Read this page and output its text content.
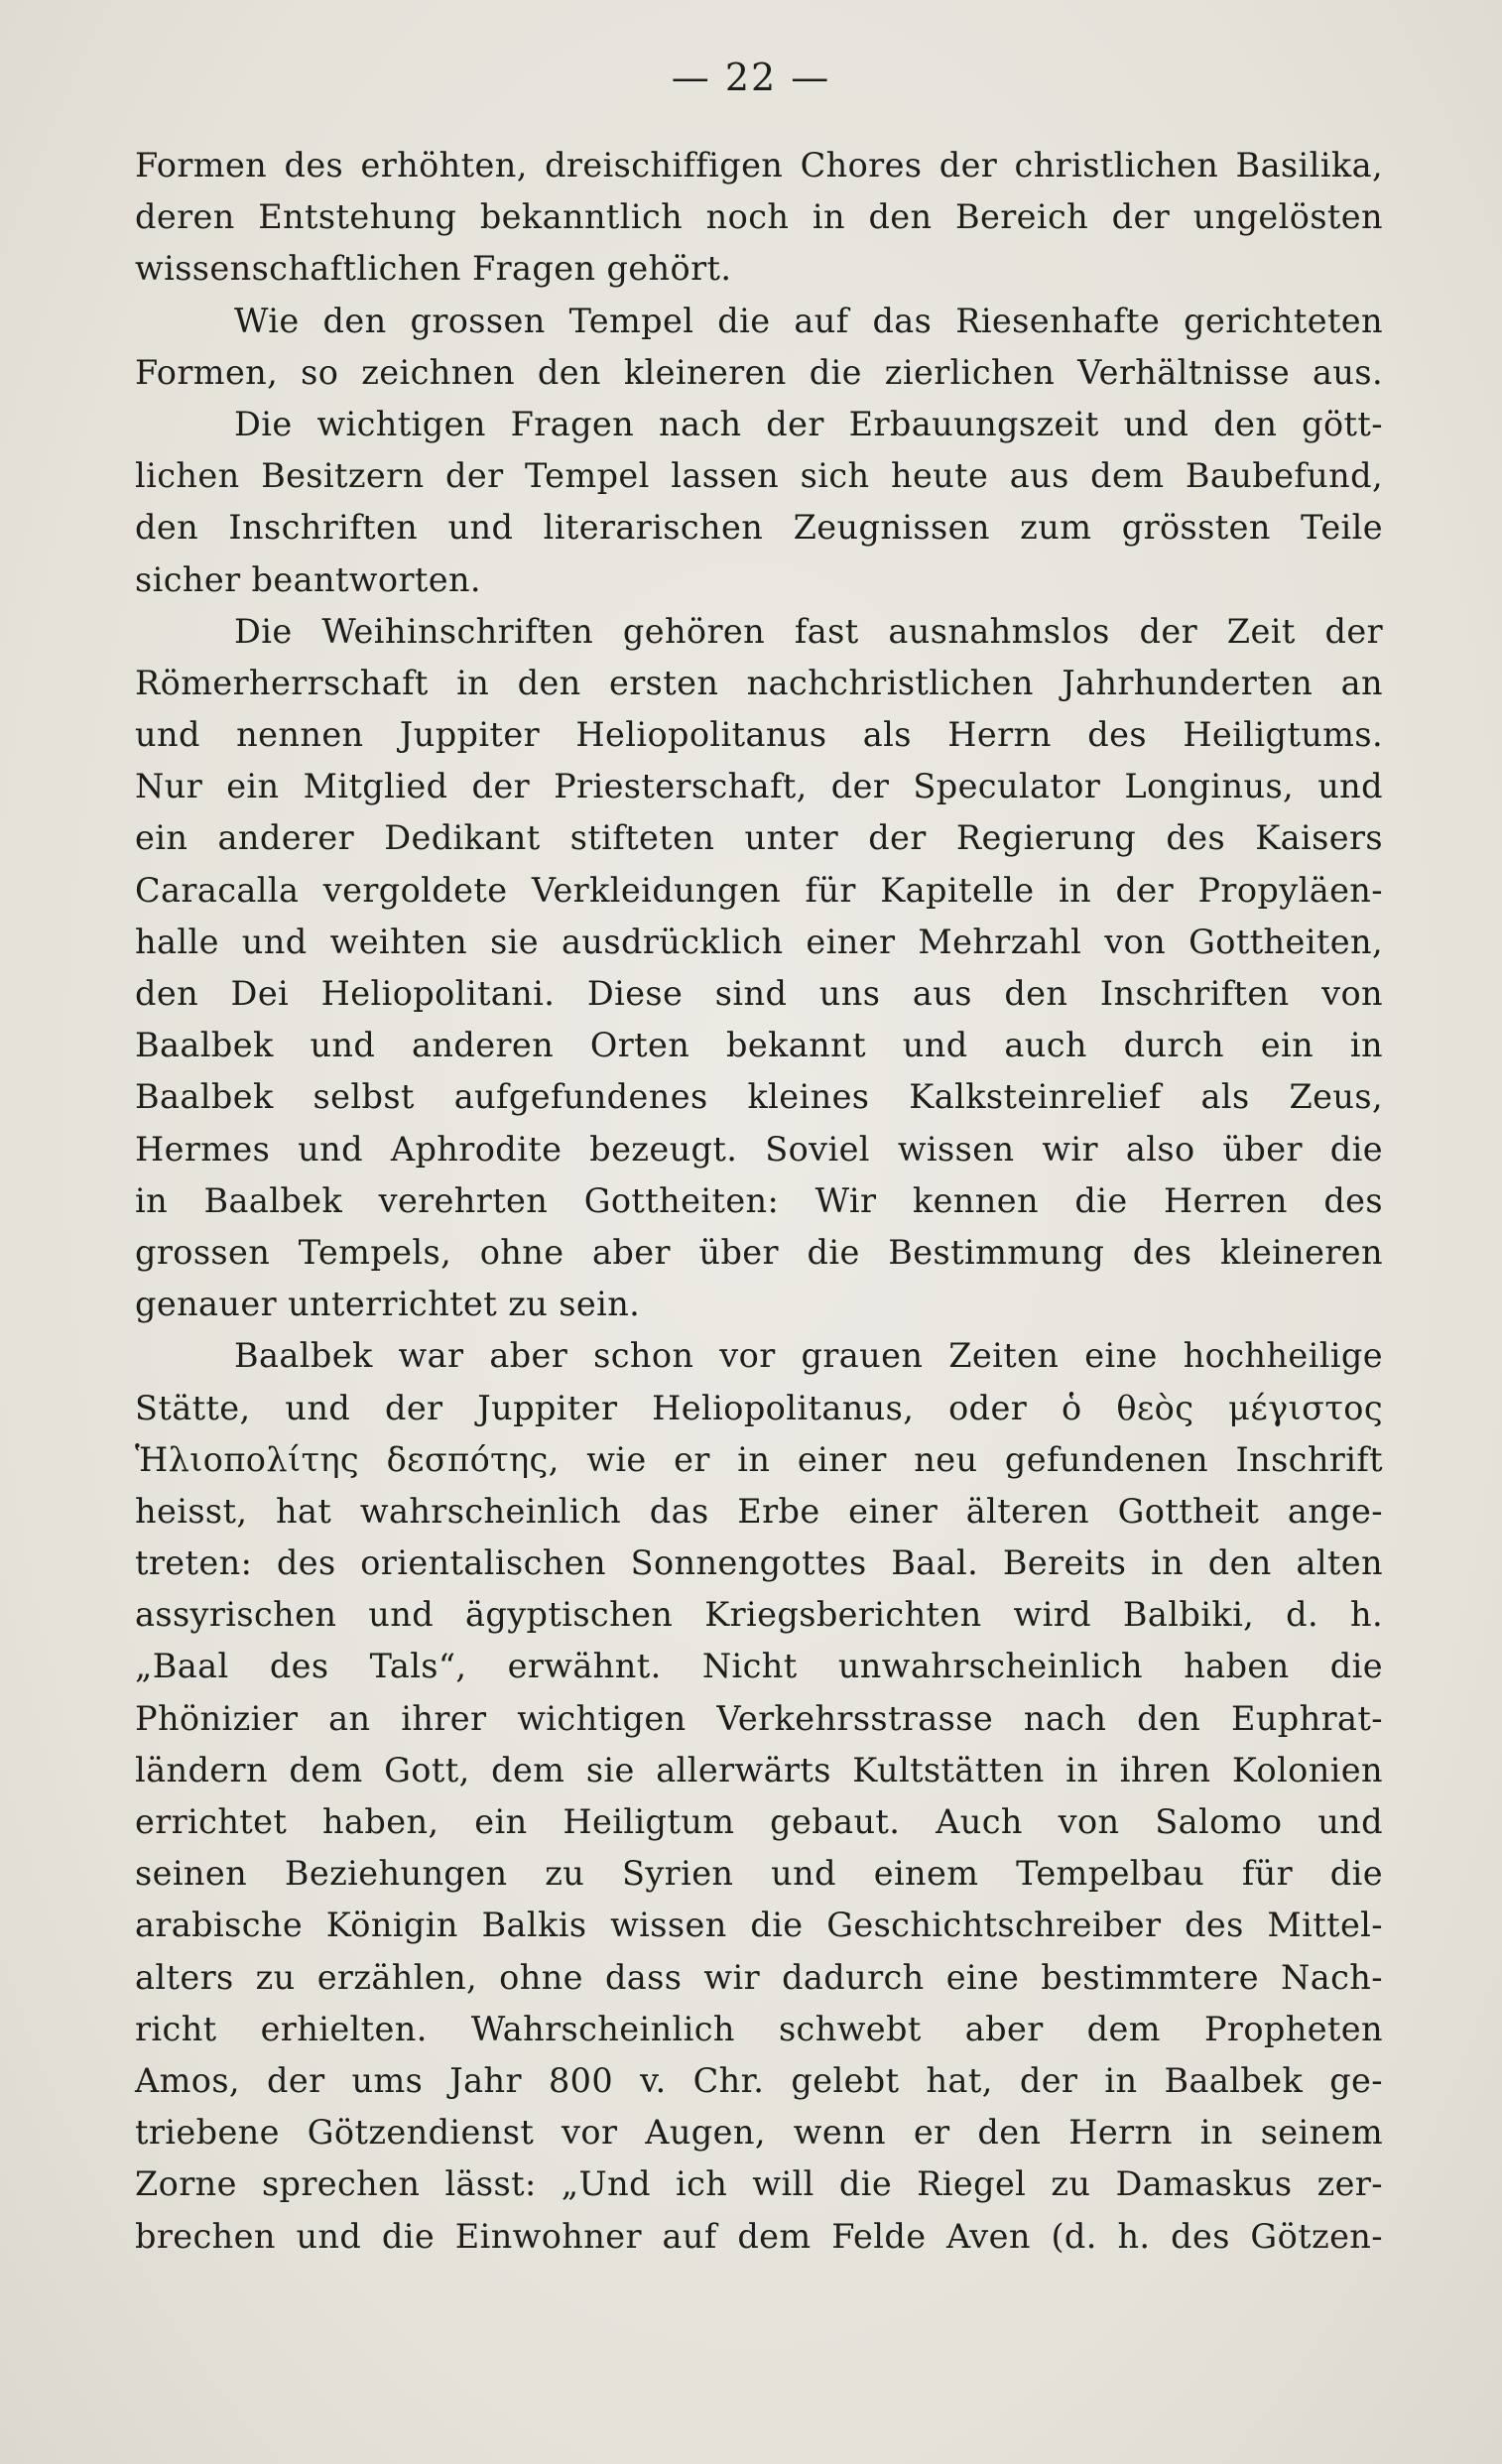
— 22 —
Formen des erhöhten, dreischiffigen Chores der christlichen Basilika,
deren Entstehung bekanntlich noch in den Bereich der ungelösten
wissenschaftlichen Fragen gehört.
Wie den grossen Tempel die auf das Riesenhafte gerichteten
Formen, so zeichnen den kleineren die zierlichen Verhältnisse aus.
Die wichtigen Fragen nach der Erbauungszeit und den gött-
lichen Besitzern der Tempel lassen sich heute aus dem Baubefund,
den Inschriften und literarischen Zeugnissen zum grössten Teile
sicher beantworten.
Die Weihinschriften gehören fast ausnahmslos der Zeit der
Römerherrschaft in den ersten nachchristlichen Jahrhunderten an
und nennen Juppiter Heliopolitanus als Herrn des Heiligtums.
Nur ein Mitglied der Priesterschaft, der Speculator Longinus, und
ein anderer Dedikant stifteten unter der Regierung des Kaisers
Caracalla vergoldete Verkleidungen für Kapitelle in der Propyläen-
halle und weihten sie ausdrücklich einer Mehrzahl von Gottheiten,
den Dei Heliopolitani. Diese sind uns aus den Inschriften von
Baalbek und anderen Orten bekannt und auch durch ein in
Baalbek selbst aufgefundenes kleines Kalksteinrelief als Zeus,
Hermes und Aphrodite bezeugt. Soviel wissen wir also über die
in Baalbek verehrten Gottheiten: Wir kennen die Herren des
grossen Tempels, ohne aber über die Bestimmung des kleineren
genauer unterrichtet zu sein.
Baalbek war aber schon vor grauen Zeiten eine hochheilige
Stätte, und der Juppiter Heliopolitanus, oder ὁ θεὸς μέγιστος
Ἡλιοπολίτης δεσπότης, wie er in einer neu gefundenen Inschrift
heisst, hat wahrscheinlich das Erbe einer älteren Gottheit ange-
treten: des orientalischen Sonnengottes Baal. Bereits in den alten
assyrischen und ägyptischen Kriegsberichten wird Balbiki, d. h.
„Baal des Tals“, erwähnt. Nicht unwahrscheinlich haben die
Phönizier an ihrer wichtigen Verkehrsstrasse nach den Euphrat-
ländern dem Gott, dem sie allerwärts Kultstätten in ihren Kolonien
errichtet haben, ein Heiligtum gebaut. Auch von Salomo und
seinen Beziehungen zu Syrien und einem Tempelbau für die
arabische Königin Balkis wissen die Geschichtschreiber des Mittel-
alters zu erzählen, ohne dass wir dadurch eine bestimmtere Nach-
richt erhielten. Wahrscheinlich schwebt aber dem Propheten
Amos, der ums Jahr 800 v. Chr. gelebt hat, der in Baalbek ge-
triebene Götzendienst vor Augen, wenn er den Herrn in seinem
Zorne sprechen lässt: „Und ich will die Riegel zu Damaskus zer-
brechen und die Einwohner auf dem Felde Aven (d. h. des Götzen-
